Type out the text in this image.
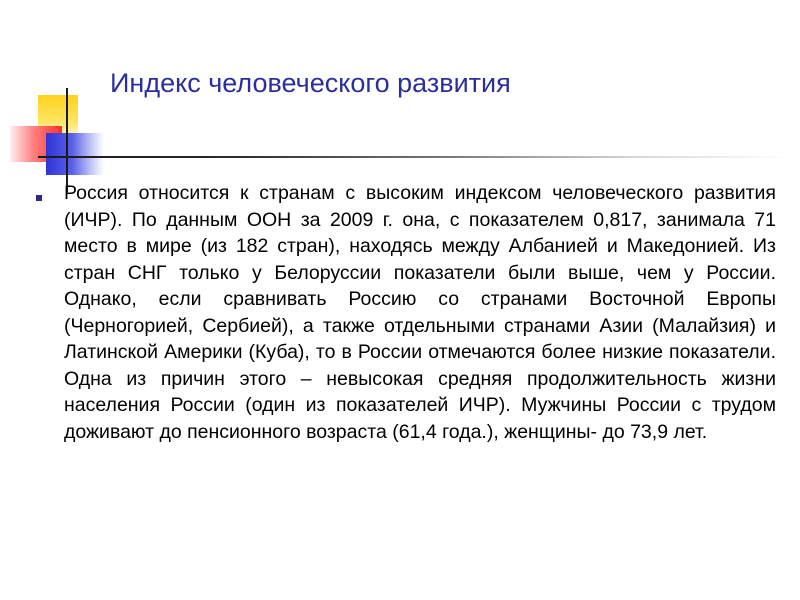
Индекс человеческого развития

Россия относится к странам с высоким индексом человеческого развития (ИЧР). По данным ООН за 2009 г. она, с показателем 0,817, занимала 71 место в мире (из 182 стран), находясь между Албанией и Македонией. Из стран СНГ только у Белоруссии показатели были выше, чем у России. Однако, если сравнивать Россию со странами Восточной Европы (Черногорией, Сербией), а также отдельными странами Азии (Малайзия) и Латинской Америки (Куба), то в России отмечаются более низкие показатели. Одна из причин этого – невысокая средняя продолжительность жизни населения России (один из показателей ИЧР). Мужчины России с трудом доживают до пенсионного возраста (61,4 года.), женщины- до 73,9 лет.
